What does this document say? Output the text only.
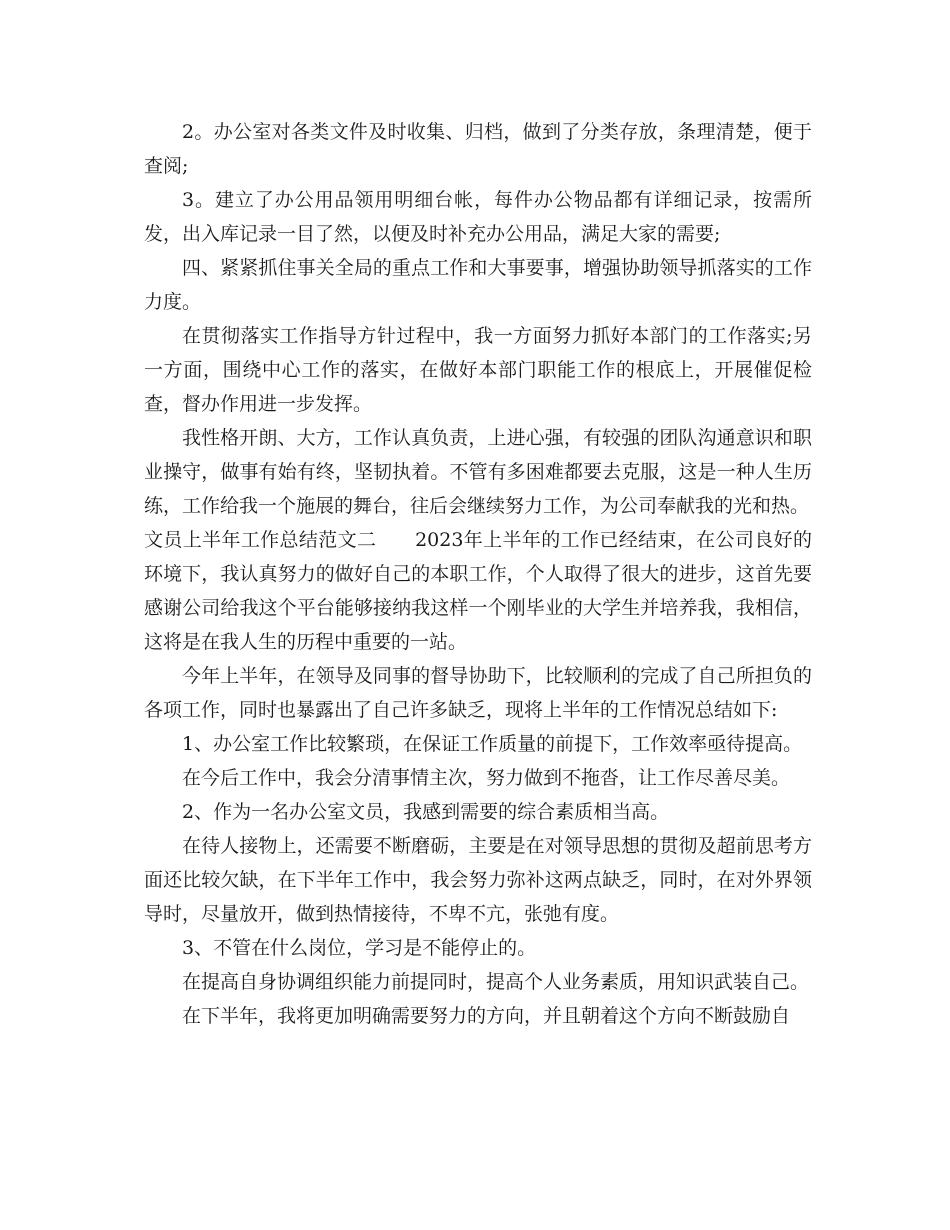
2。办公室对各类文件及时收集、归档，做到了分类存放，条理清楚，便于查阅;

3。建立了办公用品领用明细台帐，每件办公物品都有详细记录，按需所发，出入库记录一目了然，以便及时补充办公用品，满足大家的需要;

四、紧紧抓住事关全局的重点工作和大事要事，增强协助领导抓落实的工作力度。

在贯彻落实工作指导方针过程中，我一方面努力抓好本部门的工作落实;另一方面，围绕中心工作的落实，在做好本部门职能工作的根底上，开展催促检查，督办作用进一步发挥。

我性格开朗、大方，工作认真负责，上进心强，有较强的团队沟通意识和职业操守，做事有始有终，坚韧执着。不管有多困难都要去克服，这是一种人生历练，工作给我一个施展的舞台，往后会继续努力工作，为公司奉献我的光和热。

文员上半年工作总结范文二　　2023年上半年的工作已经结束，在公司良好的环境下，我认真努力的做好自己的本职工作，个人取得了很大的进步，这首先要感谢公司给我这个平台能够接纳我这样一个刚毕业的大学生并培养我，我相信，这将是在我人生的历程中重要的一站。

今年上半年，在领导及同事的督导协助下，比较顺利的完成了自己所担负的各项工作，同时也暴露出了自己许多缺乏，现将上半年的工作情况总结如下:

1、办公室工作比较繁琐，在保证工作质量的前提下，工作效率亟待提高。

在今后工作中，我会分清事情主次，努力做到不拖沓，让工作尽善尽美。

2、作为一名办公室文员，我感到需要的综合素质相当高。

在待人接物上，还需要不断磨砺，主要是在对领导思想的贯彻及超前思考方面还比较欠缺，在下半年工作中，我会努力弥补这两点缺乏，同时，在对外界领导时，尽量放开，做到热情接待，不卑不亢，张弛有度。

3、不管在什么岗位，学习是不能停止的。

在提高自身协调组织能力前提同时，提高个人业务素质，用知识武装自己。

在下半年，我将更加明确需要努力的方向，并且朝着这个方向不断鼓励自
